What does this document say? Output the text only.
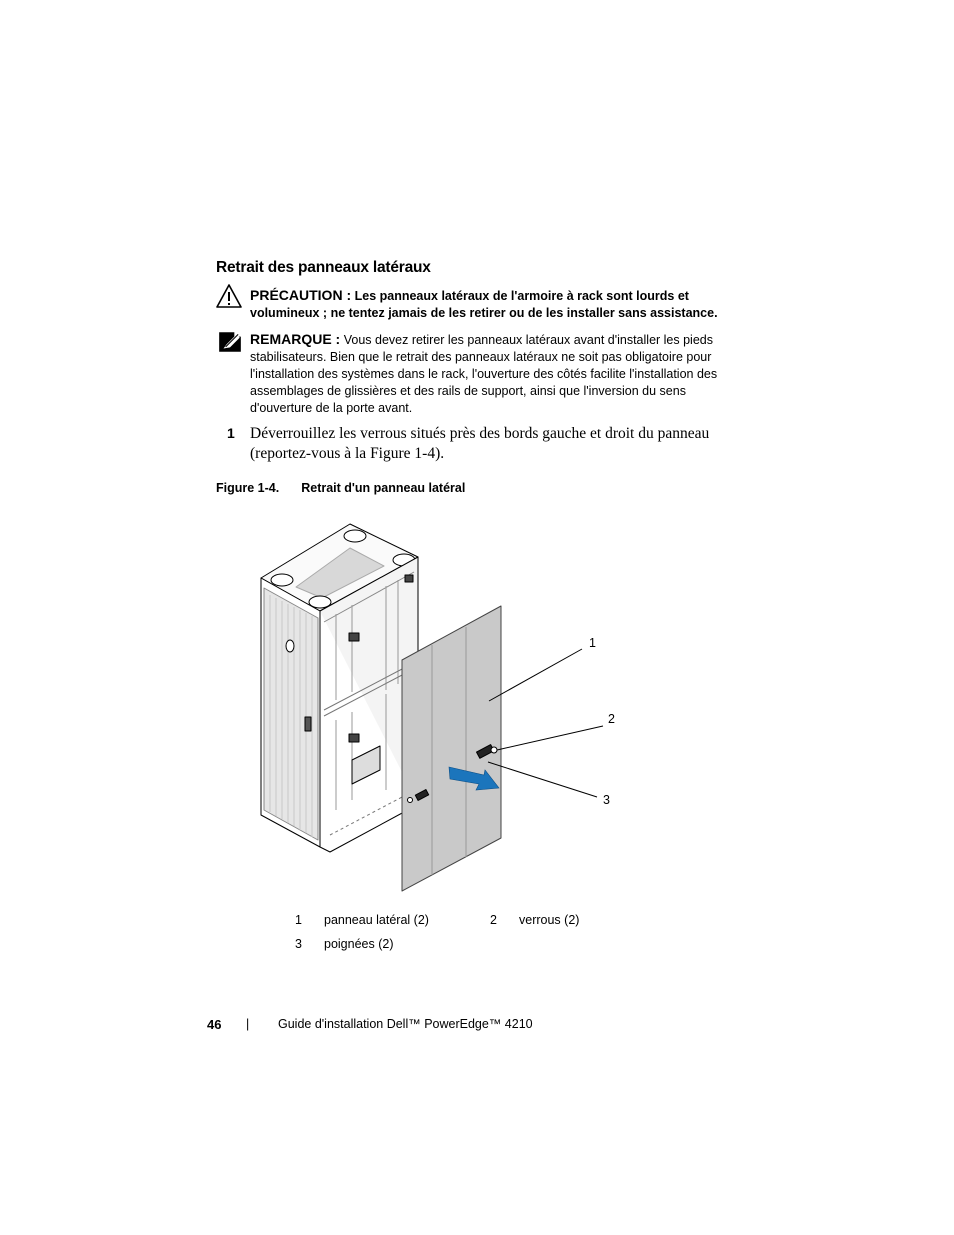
Retrait des panneaux latéraux
PRÉCAUTION : Les panneaux latéraux de l'armoire à rack sont lourds et volumineux ; ne tentez jamais de les retirer ou de les installer sans assistance.
REMARQUE : Vous devez retirer les panneaux latéraux avant d'installer les pieds stabilisateurs. Bien que le retrait des panneaux latéraux ne soit pas obligatoire pour l'installation des systèmes dans le rack, l'ouverture des côtés facilite l'installation des assemblages de glissières et des rails de support, ainsi que l'inversion du sens d'ouverture de la porte avant.
1 Déverrouillez les verrous situés près des bords gauche et droit du panneau (reportez-vous à la Figure 1-4).
Figure 1-4. Retrait d'un panneau latéral
1
2
3
1 panneau latéral (2)	2 verrous (2)
3 poignées (2)
46 | Guide d'installation Dell™ PowerEdge™ 4210
